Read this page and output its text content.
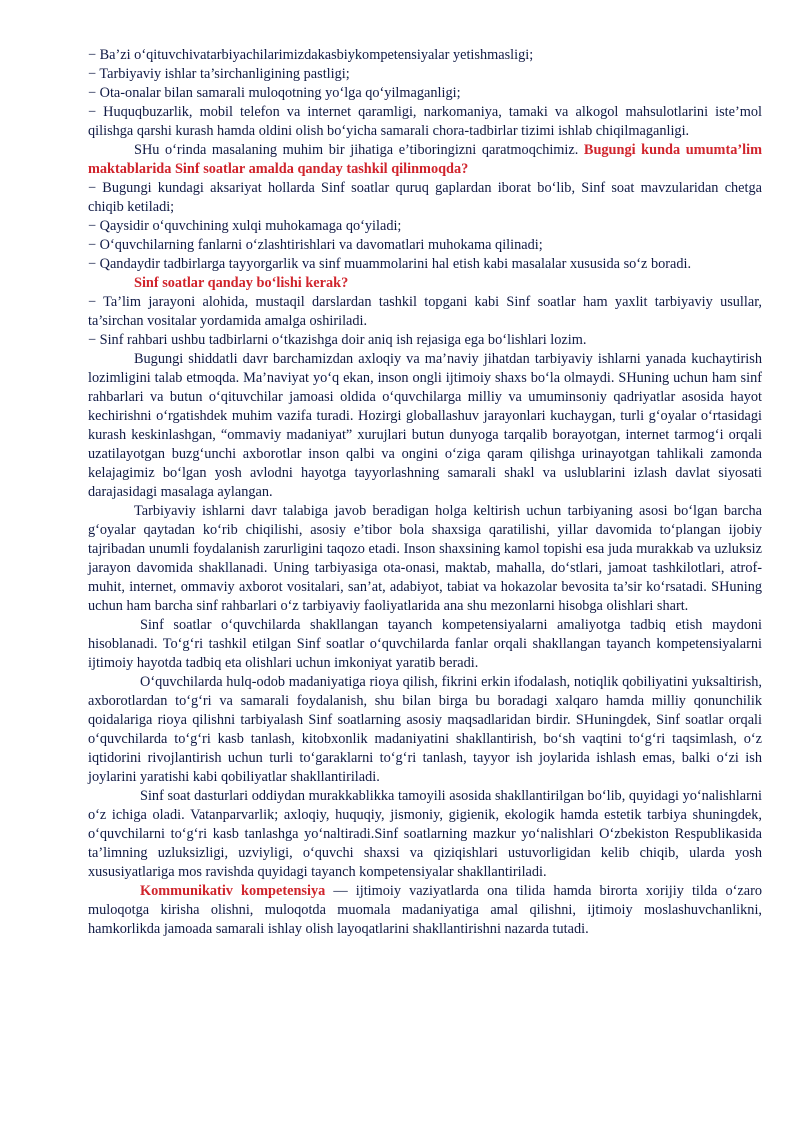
− Ba’zi o‘qituvchivatarbiyachilarimizdakasbiykompetensiyalar yetishmasligi;

− Tarbiyaviy ishlar ta’sirchanligining pastligi;

− Ota-onalar bilan samarali muloqotning yo‘lga qo‘yilmaganligi;

− Huquqbuzarlik, mobil telefon va internet qaramligi, narkomaniya, tamaki va alkogol mahsulotlarini iste’mol qilishga qarshi kurash hamda oldini olish bo‘yicha samarali chora-tadbirlar tizimi ishlab chiqilmaganligi.

SHu o‘rinda masalaning muhim bir jihatiga e’tiboringizni qaratmoqchimiz. Bugungi kunda umumta’lim maktablarida Sinf soatlar amalda qanday tashkil qilinmoqda?

− Bugungi kundagi aksariyat hollarda Sinf soatlar quruq gaplardan iborat bo‘lib, Sinf soat mavzularidan chetga chiqib ketiladi;

− Qaysidir o‘quvchining xulqi muhokamaga qo‘yiladi;

− O‘quvchilarning fanlarni o‘zlashtirishlari va davomatlari muhokama qilinadi;

− Qandaydir tadbirlarga tayyorgarlik va sinf muammolarini hal etish kabi masalalar xususida so‘z boradi.

Sinf soatlar qanday bo‘lishi kerak?

− Ta’lim jarayoni alohida, mustaqil darslardan tashkil topgani kabi Sinf soatlar ham yaxlit tarbiyaviy usullar, ta’sirchan vositalar yordamida amalga oshiriladi.

− Sinf rahbari ushbu tadbirlarni o‘tkazishga doir aniq ish rejasiga ega bo‘lishlari lozim.

Bugungi shiddatli davr barchamizdan axloqiy va ma’naviy jihatdan tarbiyaviy ishlarni yanada kuchaytirish lozimligini talab etmoqda. Ma’naviyat yo‘q ekan, inson ongli ijtimoiy shaxs bo‘la olmaydi. SHuning uchun ham sinf rahbarlari va butun o‘qituvchilar jamoasi oldida o‘quvchilarga milliy va umuminsoniy qadriyatlar asosida hayot kechirishni o‘rgatishdek muhim vazifa turadi. Hozirgi globallashuv jarayonlari kuchaygan, turli g‘oyalar o‘rtasidagi kurash keskinlashgan, “ommaviy madaniyat” xurujlari butun dunyoga tarqalib borayotgan, internet tarmog‘i orqali uzatilayotgan buzg‘unchi axborotlar inson qalbi va ongini o‘ziga qaram qilishga urinayotgan tahlikali zamonda kelajagimiz bo‘lgan yosh avlodni hayotga tayyorlashning samarali shakl va uslublarini izlash davlat siyosati darajasidagi masalaga aylangan.

Tarbiyaviy ishlarni davr talabiga javob beradigan holga keltirish uchun tarbiyaning asosi bo‘lgan barcha g‘oyalar qaytadan ko‘rib chiqilishi, asosiy e’tibor bola shaxsiga qaratilishi, yillar davomida to‘plangan ijobiy tajribadan unumli foydalanish zarurligini taqozo etadi. Inson shaxsining kamol topishi esa juda murakkab va uzluksiz jarayon davomida shakllanadi. Uning tarbiyasiga ota-onasi, maktab, mahalla, do‘stlari, jamoat tashkilotlari, atrof-muhit, internet, ommaviy axborot vositalari, san’at, adabiyot, tabiat va hokazolar bevosita ta’sir ko‘rsatadi. SHuning uchun ham barcha sinf rahbarlari o‘z tarbiyaviy faoliyatlarida ana shu mezonlarni hisobga olishlari shart.

Sinf soatlar o‘quvchilarda shakllangan tayanch kompetensiyalarni amaliyotga tadbiq etish maydoni hisoblanadi. To‘g‘ri tashkil etilgan Sinf soatlar o‘quvchilarda fanlar orqali shakllangan tayanch kompetensiyalarni ijtimoiy hayotda tadbiq eta olishlari uchun imkoniyat yaratib beradi.

O‘quvchilarda hulq-odob madaniyatiga rioya qilish, fikrini erkin ifodalash, notiqlik qobiliyatini yuksaltirish, axborotlardan to‘g‘ri va samarali foydalanish, shu bilan birga bu boradagi xalqaro hamda milliy qonunchilik qoidalariga rioya qilishni tarbiyalash Sinf soatlarning asosiy maqsadlaridan birdir. SHuningdek, Sinf soatlar orqali o‘quvchilarda to‘g‘ri kasb tanlash, kitobxonlik madaniyatini shakllantirish, bo‘sh vaqtini to‘g‘ri taqsimlash, o‘z iqtidorini rivojlantirish uchun turli to‘garaklarni to‘g‘ri tanlash, tayyor ish joylarida ishlash emas, balki o‘zi ish joylarini yaratishi kabi qobiliyatlar shakllantiriladi.

Sinf soat dasturlari oddiydan murakkablikka tamoyili asosida shakllantirilgan bo‘lib, quyidagi yo‘nalishlarni o‘z ichiga oladi. Vatanparvarlik; axloqiy, huquqiy, jismoniy, gigienik, ekologik hamda estetik tarbiya shuningdek, o‘quvchilarni to‘g‘ri kasb tanlashga yo‘naltiradi.Sinf soatlarning mazkur yo‘nalishlari O‘zbekiston Respublikasida ta’limning uzluksizligi, uzviyligi, o‘quvchi shaxsi va qiziqishlari ustuvorligidan kelib chiqib, ularda yosh xususiyatlariga mos ravishda quyidagi tayanch kompetensiyalar shakllantiriladi.

Kommunikativ kompetensiya — ijtimoiy vaziyatlarda ona tilida hamda birorta xorijiy tilda o‘zaro muloqotga kirisha olishni, muloqotda muomala madaniyatiga amal qilishni, ijtimoiy moslashuvchanlikni, hamkorlikda jamoada samarali ishlay olish layoqatlarini shakllantirishni nazarda tutadi.
